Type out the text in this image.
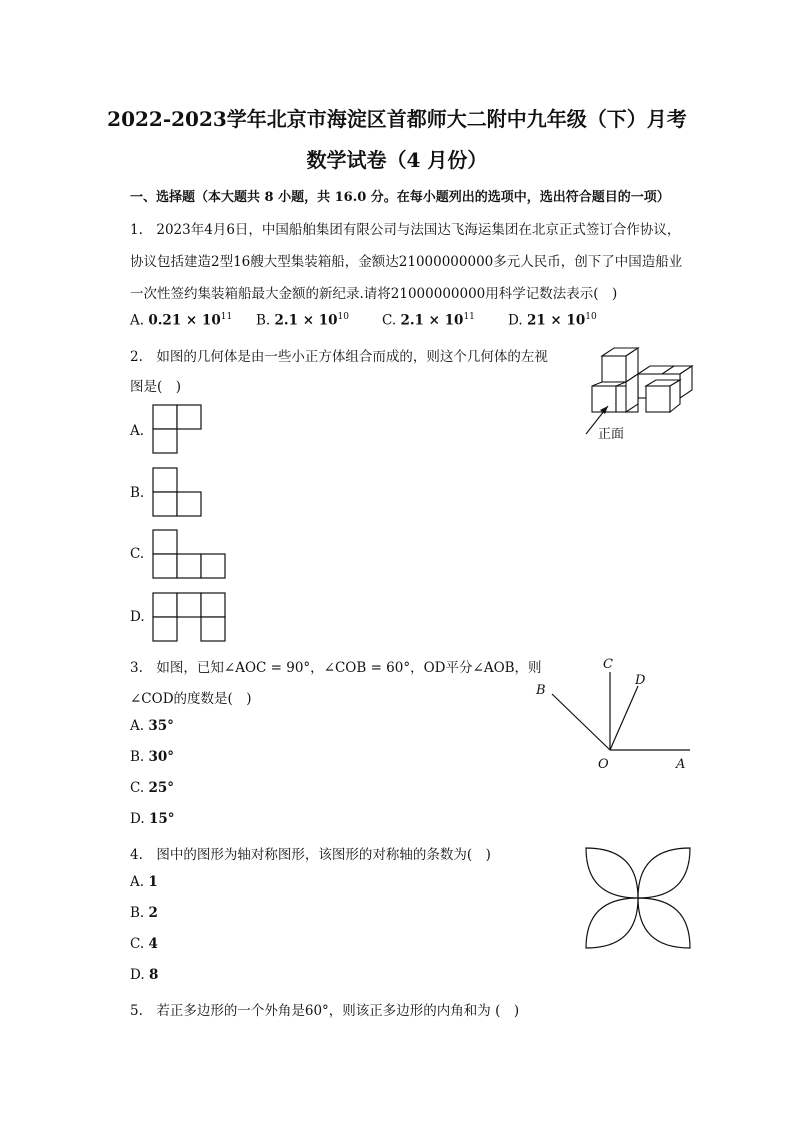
2022-2023学年北京市海淀区首都师大二附中九年级（下）月考
数学试卷（4 月份）
一、选择题（本大题共 8 小题，共 16.0 分。在每小题列出的选项中，选出符合题目的一项）
1.　2023年4月6日，中国船舶集团有限公司与法国达飞海运集团在北京正式签订合作协议，
协议包括建造2型16艘大型集装箱船，金额达21000000000多元人民币，创下了中国造船业
一次性签约集装箱船最大金额的新纪录.请将21000000000用科学记数法表示(　)
A. $0.21 \times 10^{11}$ B. $2.1 \times 10^{10}$ C. $2.1 \times 10^{11}$ D. $21 \times 10^{10}$
2.　如图的几何体是由一些小正方体组合而成的，则这个几何体的左视
图是(　)
正面
A.
B.
C.
D.
3.　如图，已知∠AOC = 90°，∠COB = 60°，OD平分∠AOB，则
∠COD的度数是(　)
C
D
B
O	A
A. 35°
B. 30°
C. 25°
D. 15°
4.　图中的图形为轴对称图形，该图形的对称轴的条数为(　)
A. 1
B. 2
C. 4
D. 8
5.　若正多边形的一个外角是60°，则该正多边形的内角和为 (　)
